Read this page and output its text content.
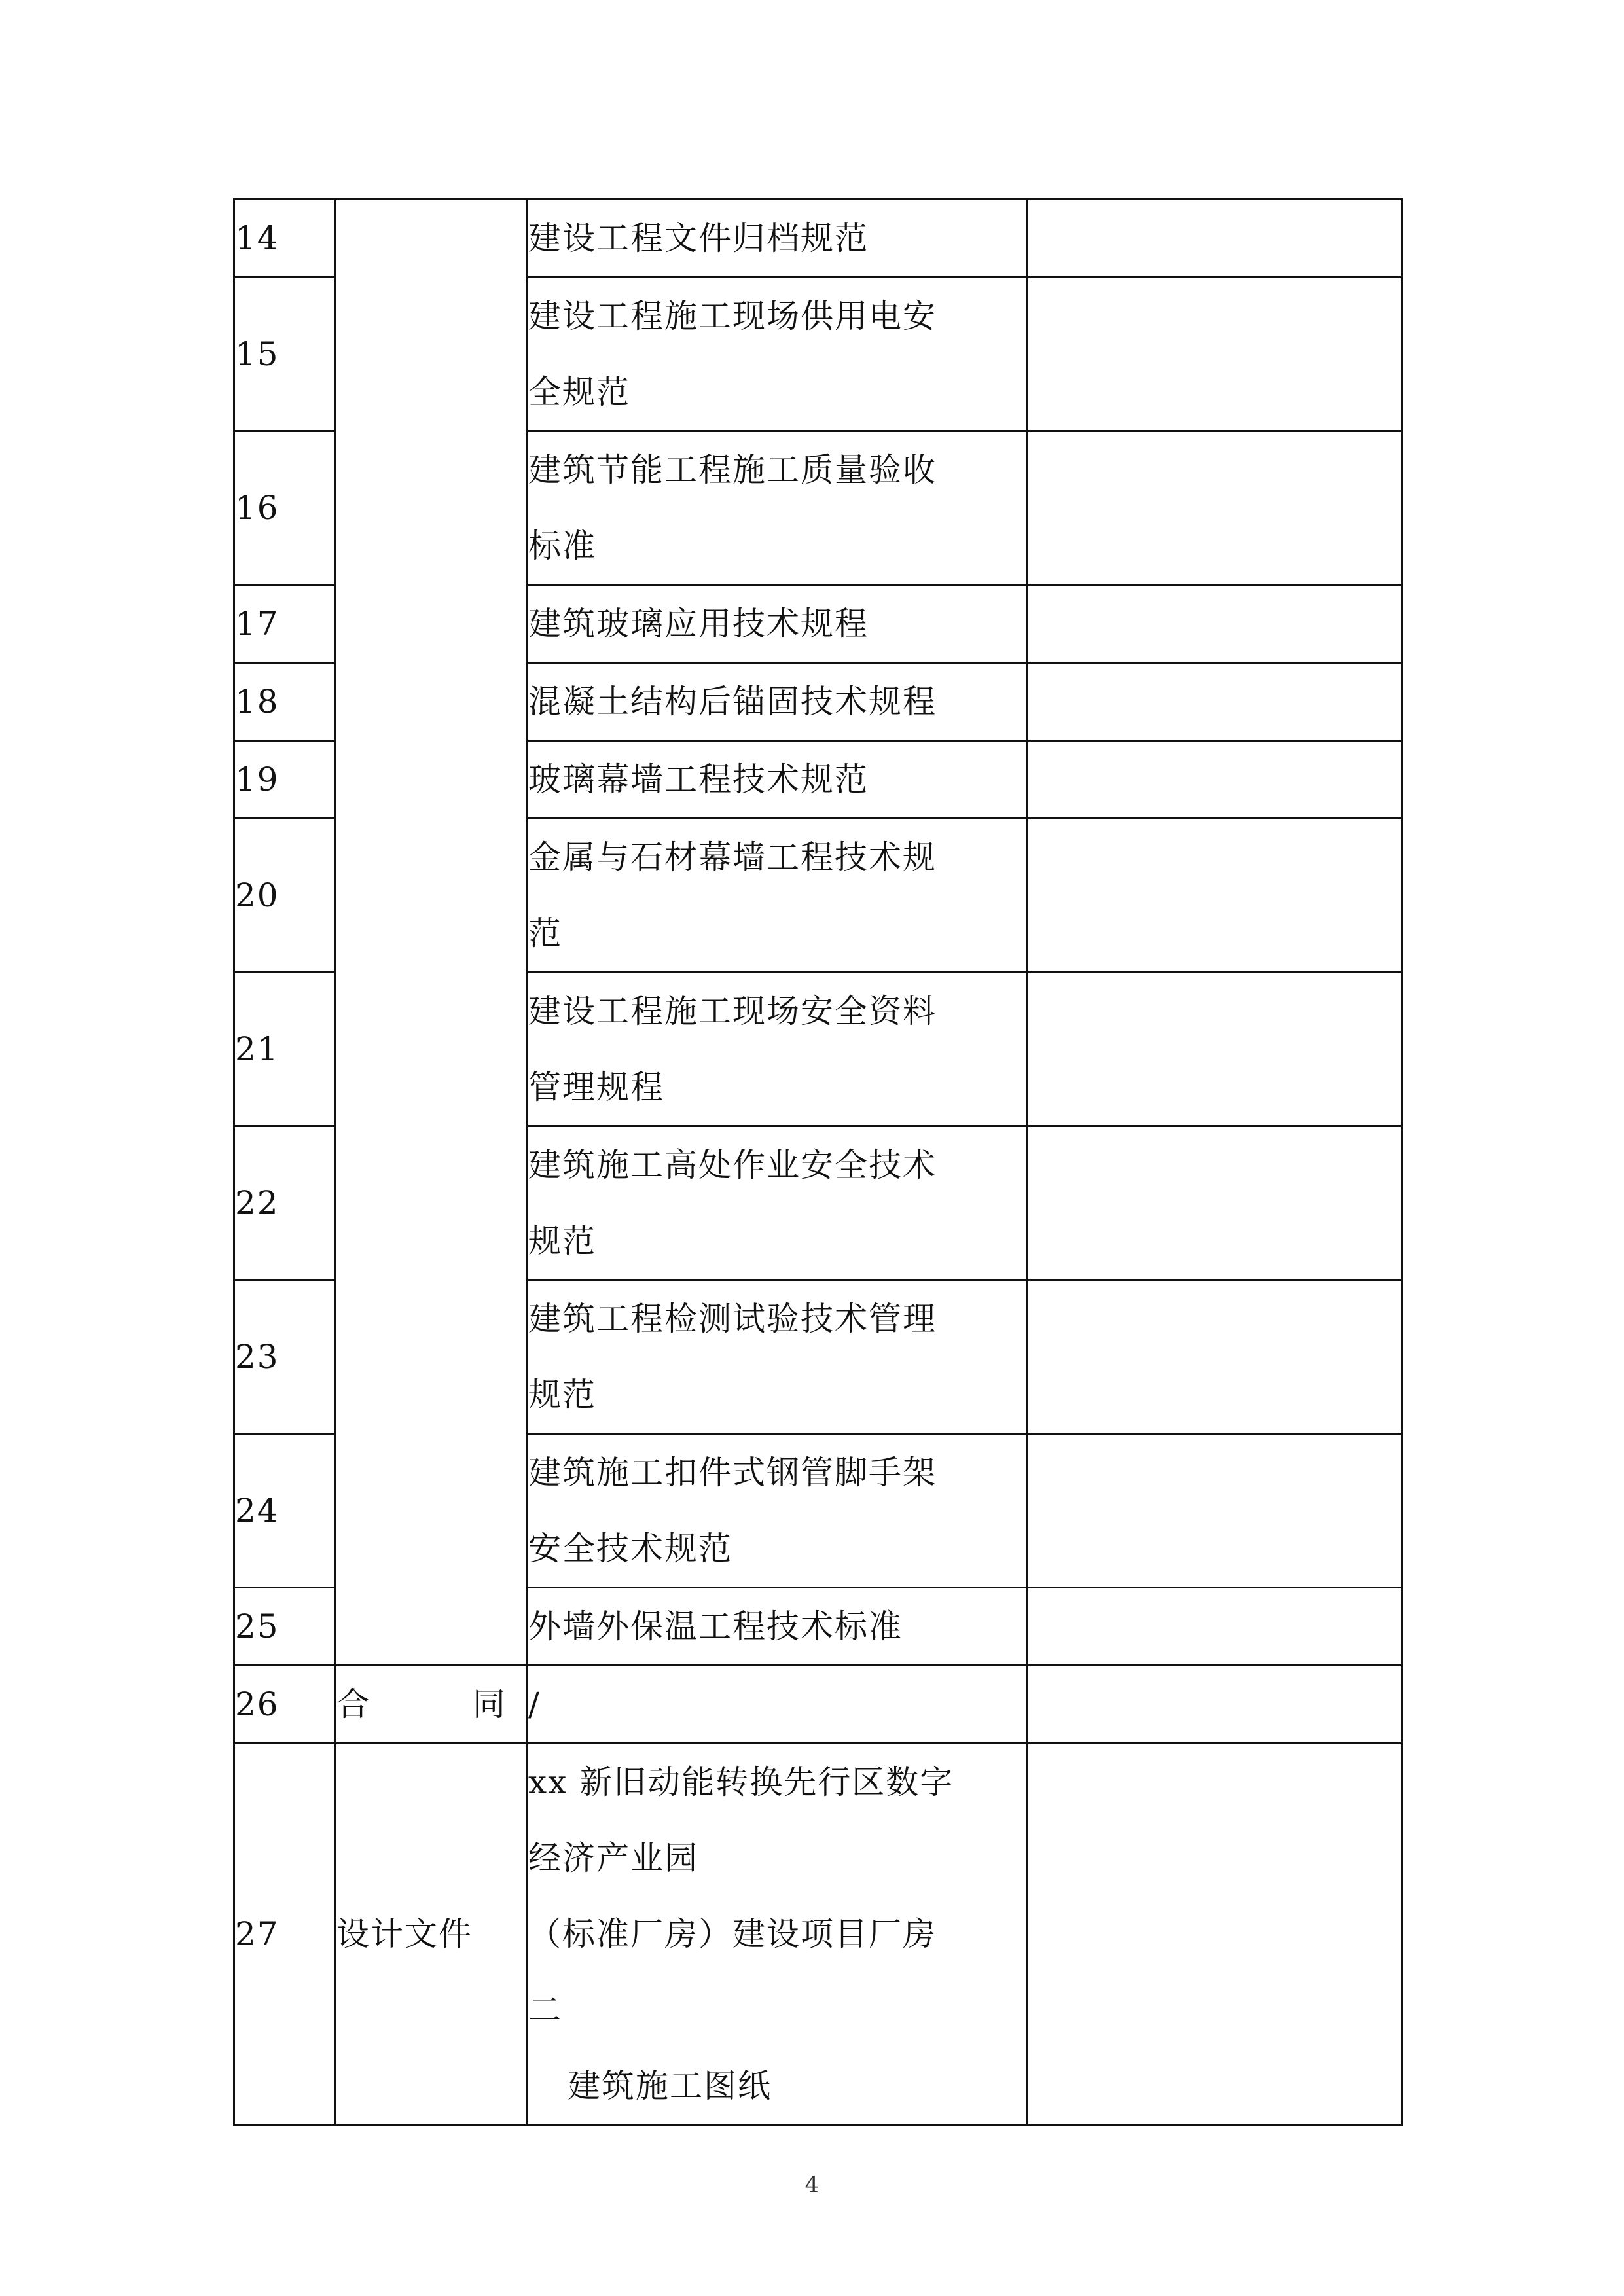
14		建设工程文件归档规范	

15		建设工程施工现场供用电安
全规范	

16		建筑节能工程施工质量验收
标准	

17		建筑玻璃应用技术规程	

18		混凝土结构后锚固技术规程	

19		玻璃幕墙工程技术规范	

20		金属与石材幕墙工程技术规
范	

21		建设工程施工现场安全资料
管理规程	

22		建筑施工高处作业安全技术
规范	

23		建筑工程检测试验技术管理
规范	

24		建筑施工扣件式钢管脚手架
安全技术规范	

25		外墙外保温工程技术标准	

26	合 同	/	

27	设计文件	xx 新旧动能转换先行区数字
经济产业园
（标准厂房）建设项目厂房
二
建筑施工图纸	

4
